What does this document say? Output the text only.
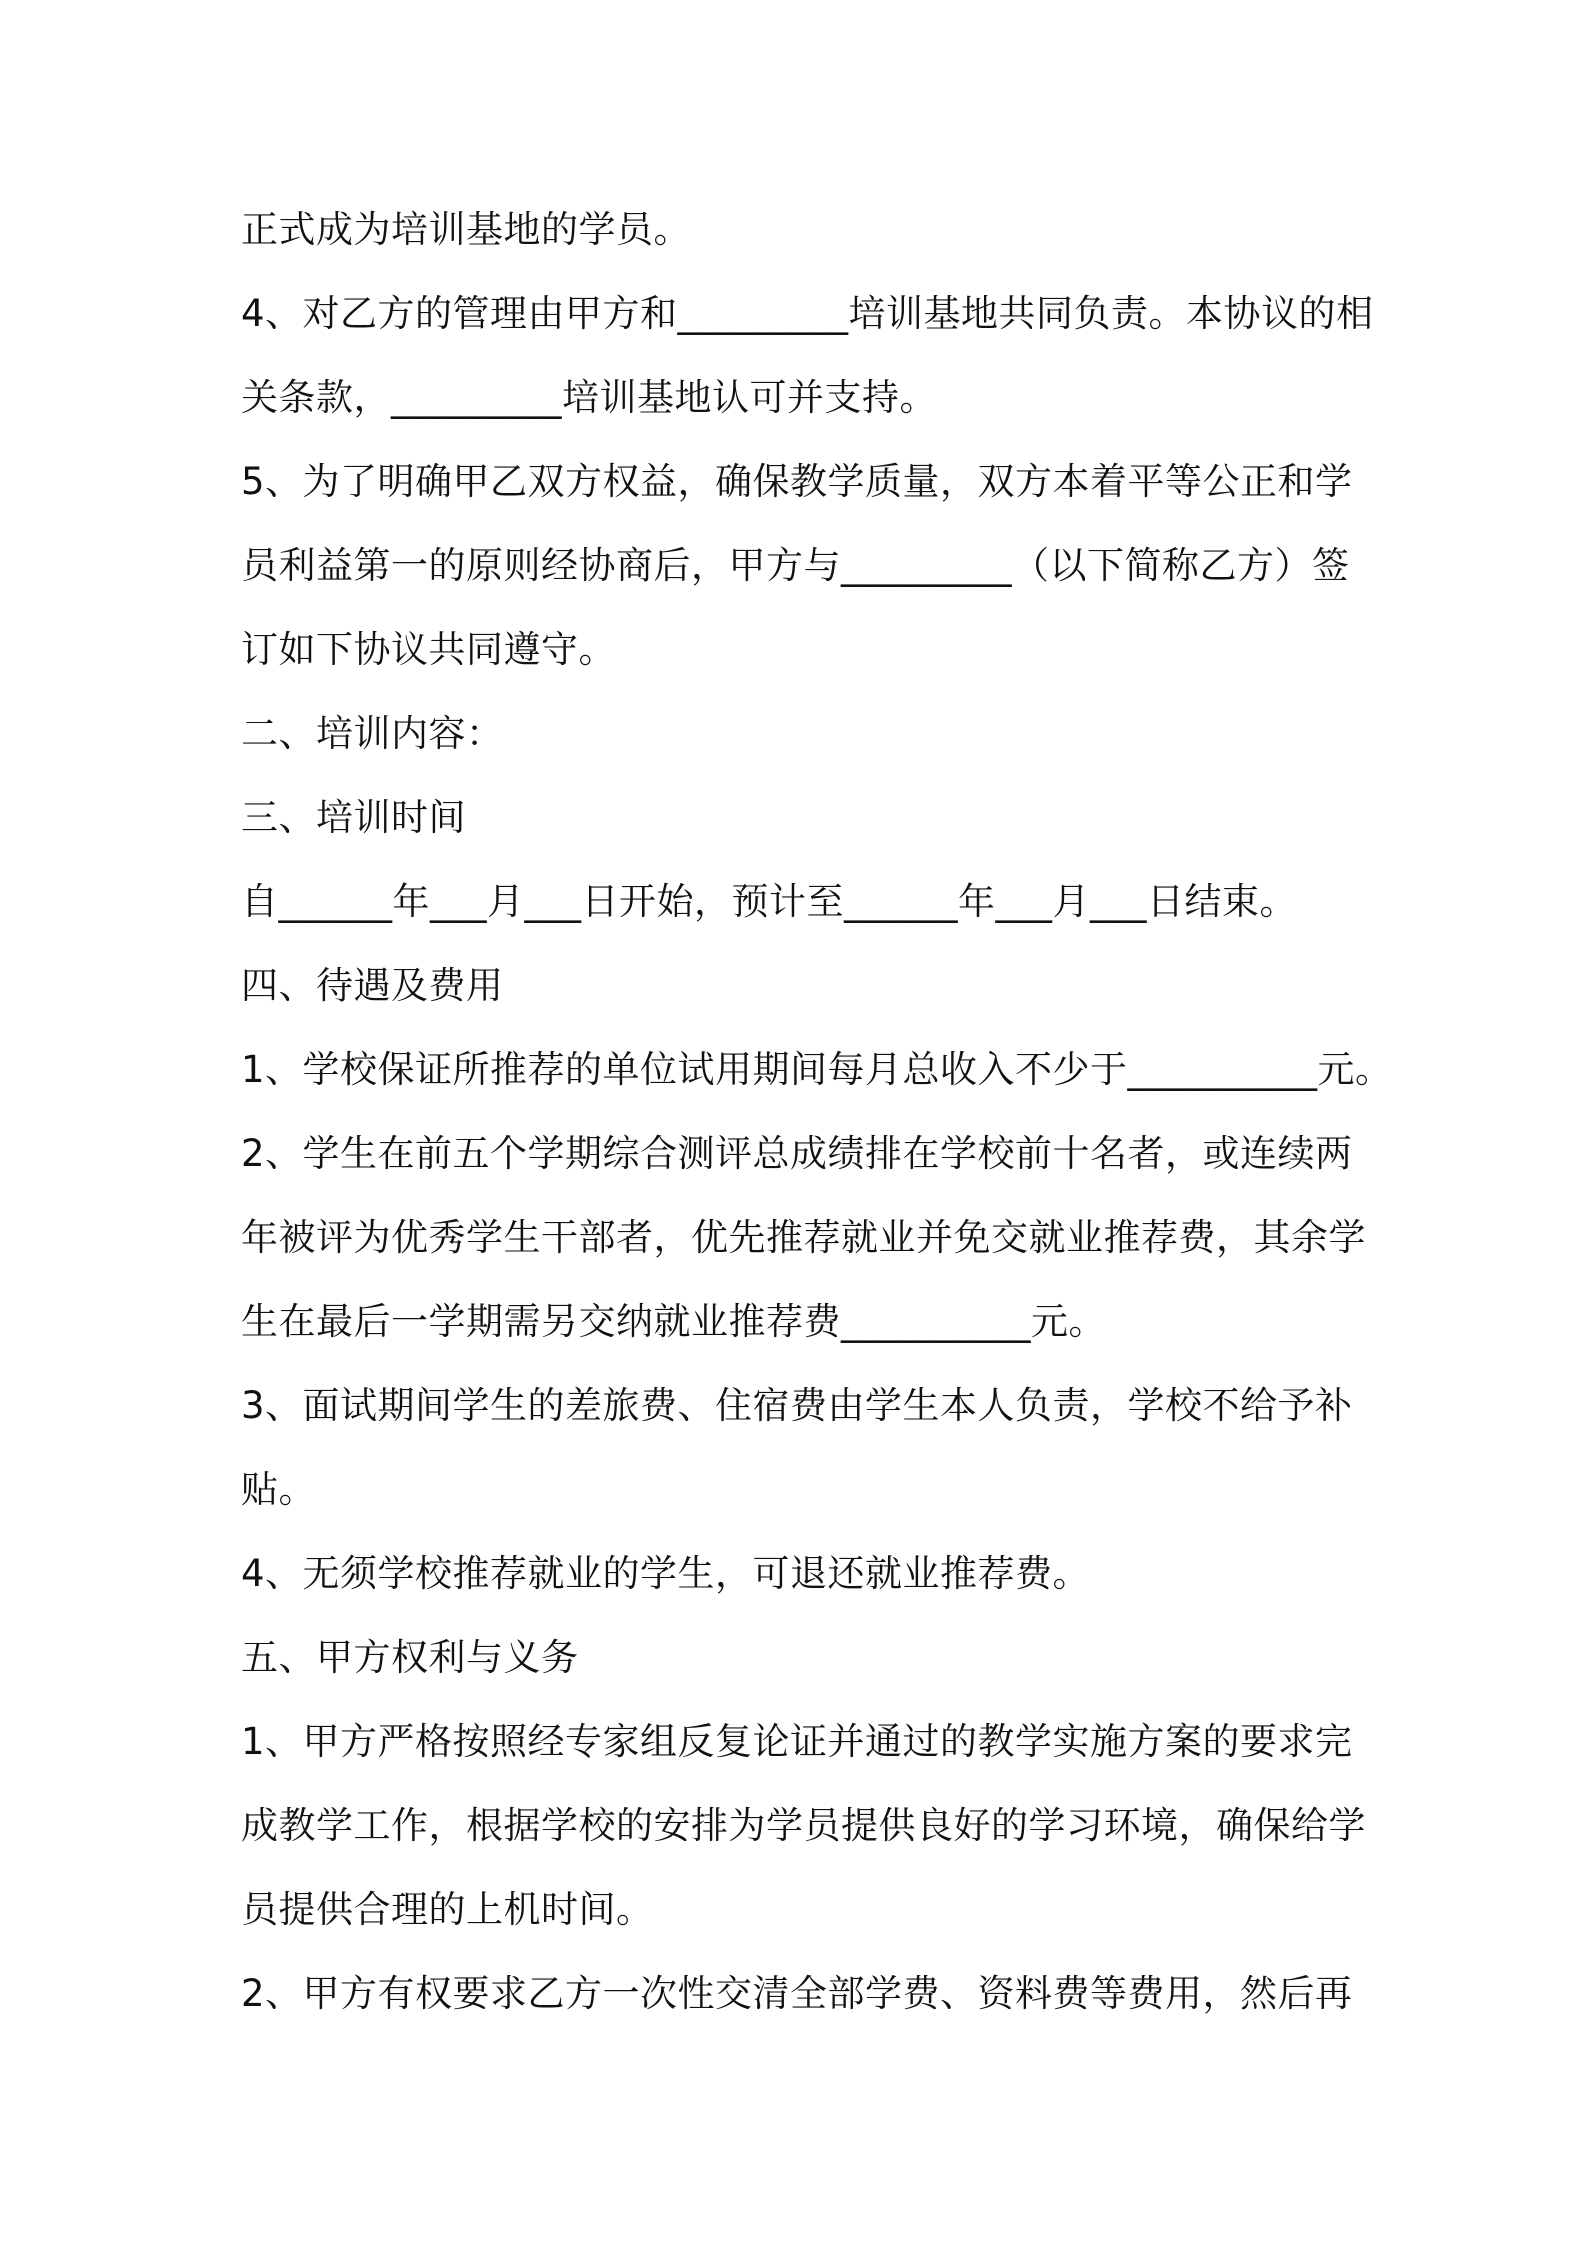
正式成为培训基地的学员。
4、对乙方的管理由甲方和_________培训基地共同负责。本协议的相
关条款，_________培训基地认可并支持。
5、为了明确甲乙双方权益，确保教学质量，双方本着平等公正和学
员利益第一的原则经协商后，甲方与_________（以下简称乙方）签
订如下协议共同遵守。
二、培训内容：
三、培训时间
自______年___月___日开始，预计至______年___月___日结束。
四、待遇及费用
1、学校保证所推荐的单位试用期间每月总收入不少于__________元。
2、学生在前五个学期综合测评总成绩排在学校前十名者，或连续两
年被评为优秀学生干部者，优先推荐就业并免交就业推荐费，其余学
生在最后一学期需另交纳就业推荐费__________元。
3、面试期间学生的差旅费、住宿费由学生本人负责，学校不给予补
贴。
4、无须学校推荐就业的学生，可退还就业推荐费。
五、甲方权利与义务
1、甲方严格按照经专家组反复论证并通过的教学实施方案的要求完
成教学工作，根据学校的安排为学员提供良好的学习环境，确保给学
员提供合理的上机时间。
2、甲方有权要求乙方一次性交清全部学费、资料费等费用，然后再
